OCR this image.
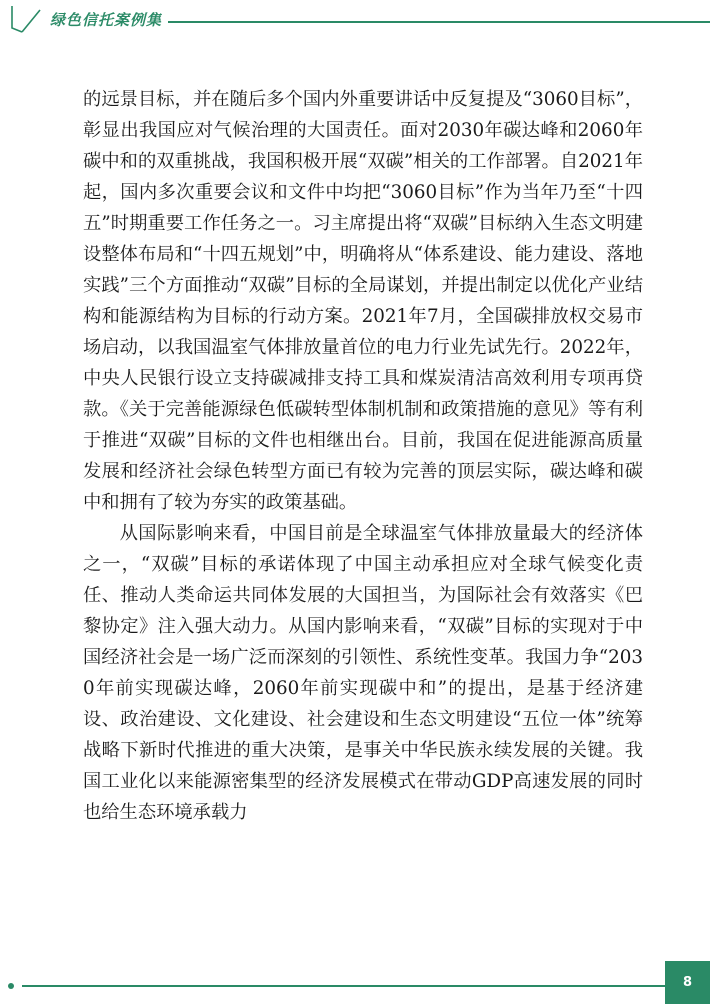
绿色信托案例集

的远景目标，并在随后多个国内外重要讲话中反复提及“3060目标”，彰显出我国应对气候治理的大国责任。面对2030年碳达峰和2060年碳中和的双重挑战，我国积极开展“双碳”相关的工作部署。自2021年起，国内多次重要会议和文件中均把“3060目标”作为当年乃至“十四五”时期重要工作任务之一。习主席提出将“双碳”目标纳入生态文明建设整体布局和“十四五规划”中，明确将从“体系建设、能力建设、落地实践”三个方面推动“双碳”目标的全局谋划，并提出制定以优化产业结构和能源结构为目标的行动方案。2021年7月，全国碳排放权交易市场启动，以我国温室气体排放量首位的电力行业先试先行。2022年，中央人民银行设立支持碳减排支持工具和煤炭清洁高效利用专项再贷款。《关于完善能源绿色低碳转型体制机制和政策措施的意见》等有利于推进“双碳”目标的文件也相继出台。目前，我国在促进能源高质量发展和经济社会绿色转型方面已有较为完善的顶层实际，碳达峰和碳中和拥有了较为夯实的政策基础。

从国际影响来看，中国目前是全球温室气体排放量最大的经济体之一，“双碳”目标的承诺体现了中国主动承担应对全球气候变化责任、推动人类命运共同体发展的大国担当，为国际社会有效落实《巴黎协定》注入强大动力。从国内影响来看，“双碳”目标的实现对于中国经济社会是一场广泛而深刻的引领性、系统性变革。我国力争“2030年前实现碳达峰，2060年前实现碳中和”的提出，是基于经济建设、政治建设、文化建设、社会建设和生态文明建设“五位一体”统筹战略下新时代推进的重大决策，是事关中华民族永续发展的关键。我国工业化以来能源密集型的经济发展模式在带动GDP高速发展的同时也给生态环境承载力

8
